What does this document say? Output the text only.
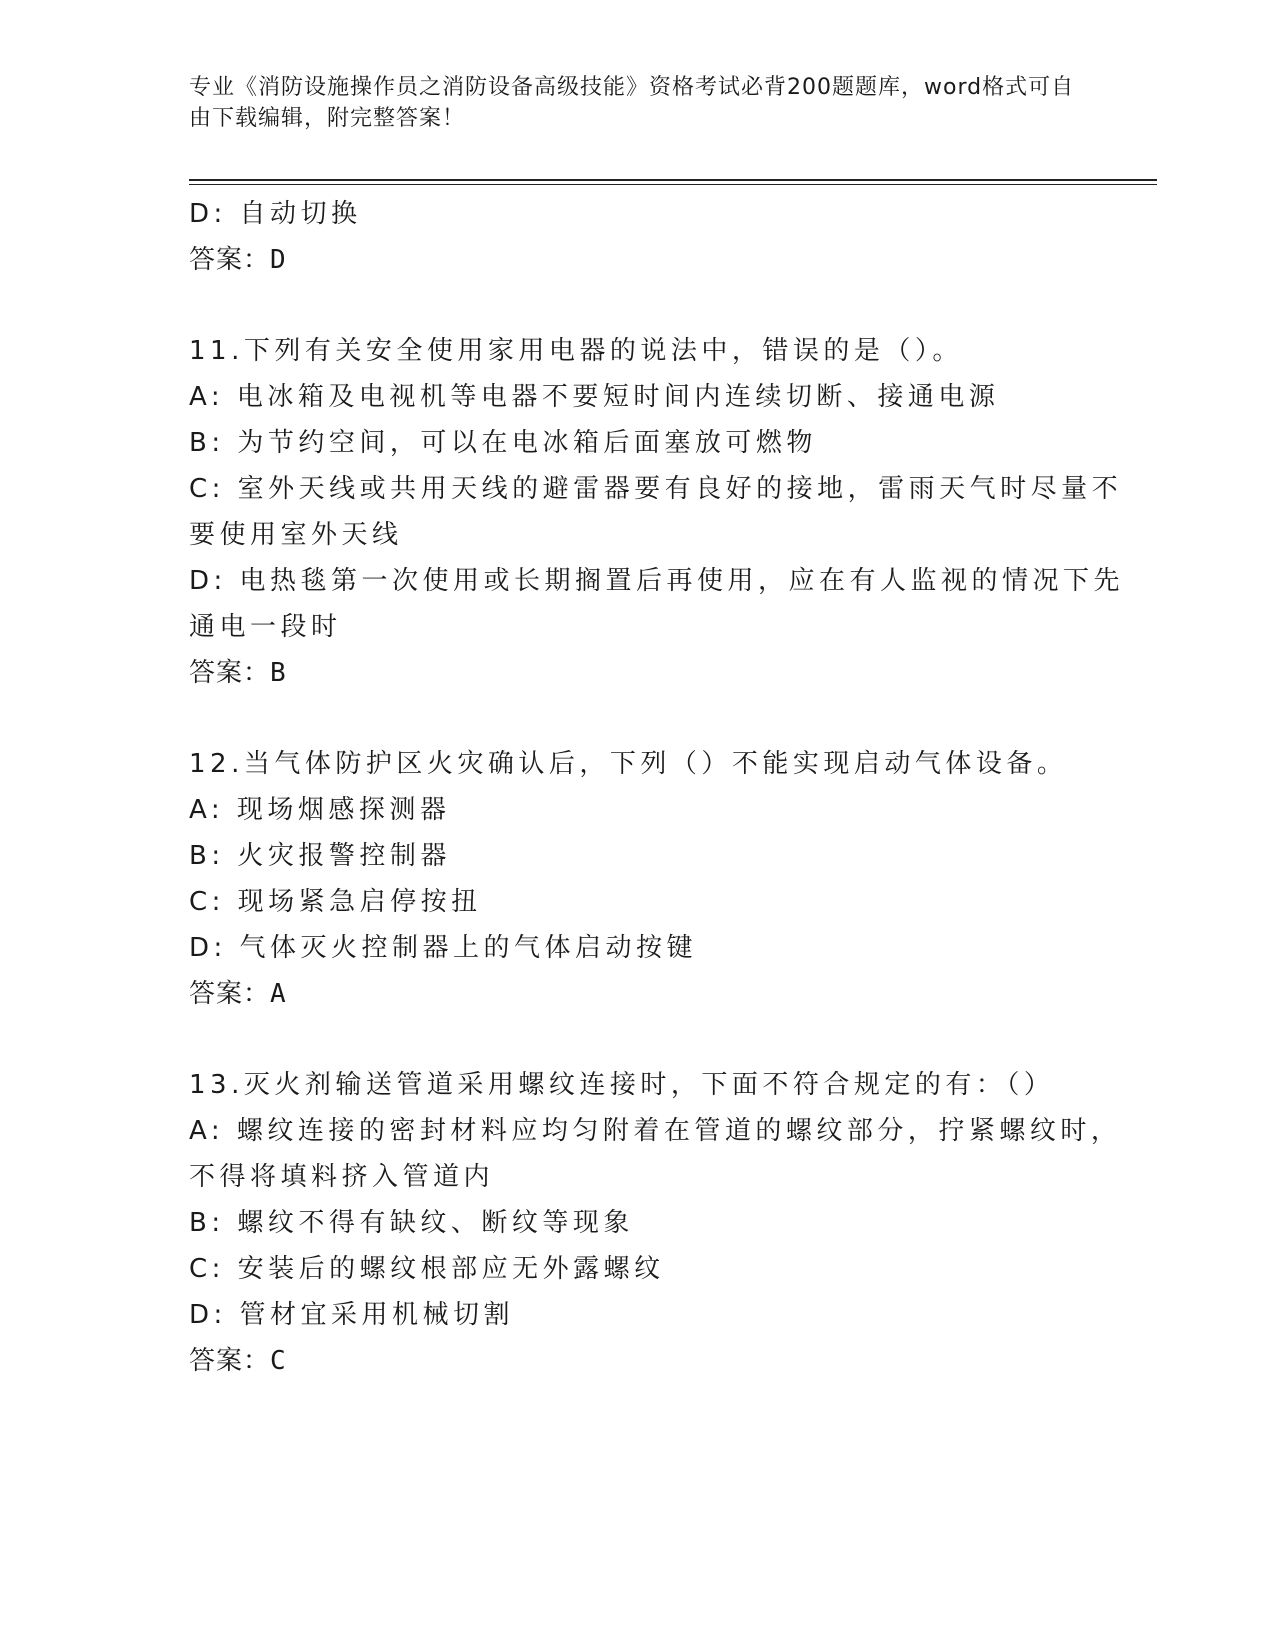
专业《消防设施操作员之消防设备高级技能》资格考试必背200题题库，word格式可自由下载编辑，附完整答案！
D: 自动切换
答案：D
11.下列有关安全使用家用电器的说法中，错误的是（）。
A: 电冰箱及电视机等电器不要短时间内连续切断、接通电源
B: 为节约空间，可以在电冰箱后面塞放可燃物
C: 室外天线或共用天线的避雷器要有良好的接地，雷雨天气时尽量不
要使用室外天线
D: 电热毯第一次使用或长期搁置后再使用，应在有人监视的情况下先
通电一段时
答案：B
12.当气体防护区火灾确认后，下列（）不能实现启动气体设备。
A: 现场烟感探测器
B: 火灾报警控制器
C: 现场紧急启停按扭
D: 气体灭火控制器上的气体启动按键
答案：A
13.灭火剂输送管道采用螺纹连接时，下面不符合规定的有：（）
A: 螺纹连接的密封材料应均匀附着在管道的螺纹部分，拧紧螺纹时，
不得将填料挤入管道内
B: 螺纹不得有缺纹、断纹等现象
C: 安装后的螺纹根部应无外露螺纹
D: 管材宜采用机械切割
答案：C
